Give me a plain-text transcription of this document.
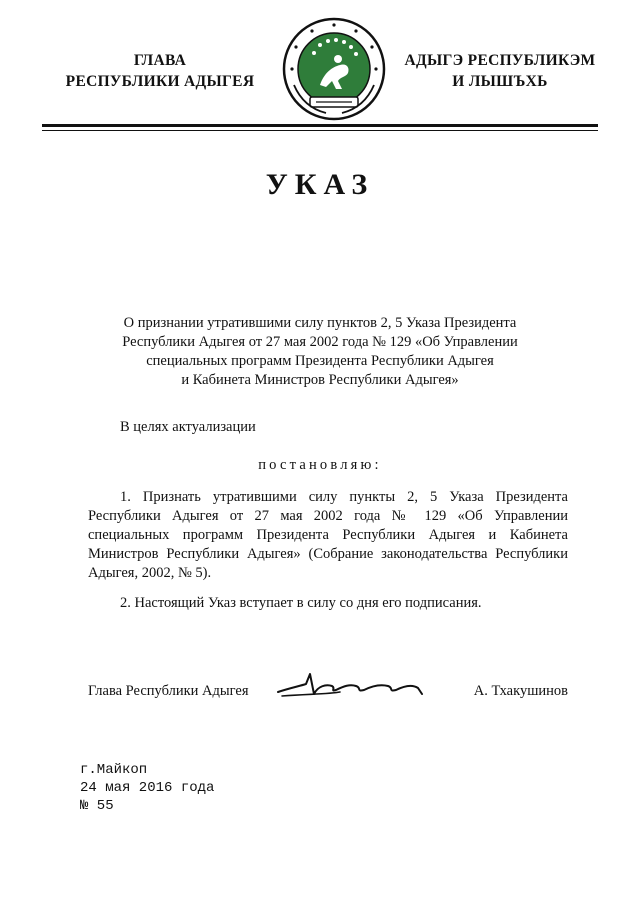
ГЛАВА
РЕСПУБЛИКИ АДЫГЕЯ
АДЫГЭ РЕСПУБЛИКЭМ
И ЛЫШЪХЬ
УКАЗ
О признании утратившими силу пунктов 2, 5 Указа Президента
Республики Адыгея от 27 мая 2002 года № 129 «Об Управлении
специальных программ Президента Республики Адыгея
и Кабинета Министров Республики Адыгея»
В целях актуализации
постановляю:
1. Признать утратившими силу пункты 2, 5 Указа Президента Республики Адыгея от 27 мая 2002 года № 129 «Об Управлении специальных программ Президента Республики Адыгея и Кабинета Министров Республики Адыгея» (Собрание законодательства Республики Адыгея, 2002, № 5).
2. Настоящий Указ вступает в силу со дня его подписания.
Глава Республики Адыгея	А. Тхакушинов
г.Майкоп
24 мая 2016 года
№ 55
